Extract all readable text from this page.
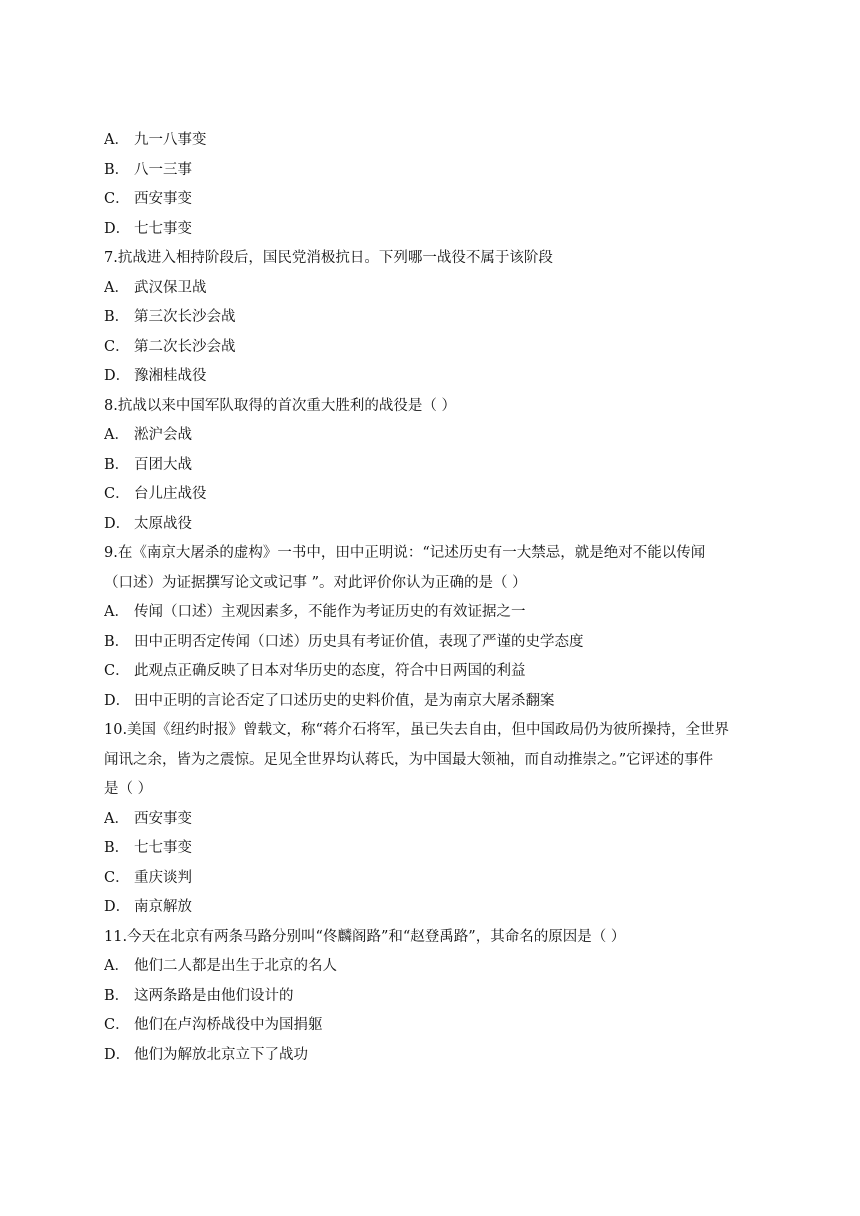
A． 九一八事变
B． 八一三事
C． 西安事变
D． 七七事变
7.抗战进入相持阶段后，国民党消极抗日。下列哪一战役不属于该阶段
A． 武汉保卫战
B． 第三次长沙会战
C． 第二次长沙会战
D． 豫湘桂战役
8.抗战以来中国军队取得的首次重大胜利的战役是（ ）
A． 淞沪会战
B． 百团大战
C． 台儿庄战役
D． 太原战役
9.在《南京大屠杀的虚构》一书中，田中正明说：“记述历史有一大禁忌，就是绝对不能以传闻
（口述）为证据撰写论文或记事 ”。对此评价你认为正确的是（ ）
A． 传闻（口述）主观因素多，不能作为考证历史的有效证据之一
B． 田中正明否定传闻（口述）历史具有考证价值，表现了严谨的史学态度
C． 此观点正确反映了日本对华历史的态度，符合中日两国的利益
D． 田中正明的言论否定了口述历史的史料价值，是为南京大屠杀翻案
10.美国《纽约时报》曾载文，称“蒋介石将军，虽已失去自由，但中国政局仍为彼所操持，全世界
闻讯之余，皆为之震惊。足见全世界均认蒋氏，为中国最大领袖，而自动推崇之。”它评述的事件
是（ ）
A． 西安事变
B． 七七事变
C． 重庆谈判
D． 南京解放
11.今天在北京有两条马路分别叫“佟麟阁路”和“赵登禹路”，其命名的原因是（ ）
A． 他们二人都是出生于北京的名人
B． 这两条路是由他们设计的
C． 他们在卢沟桥战役中为国捐躯
D． 他们为解放北京立下了战功
